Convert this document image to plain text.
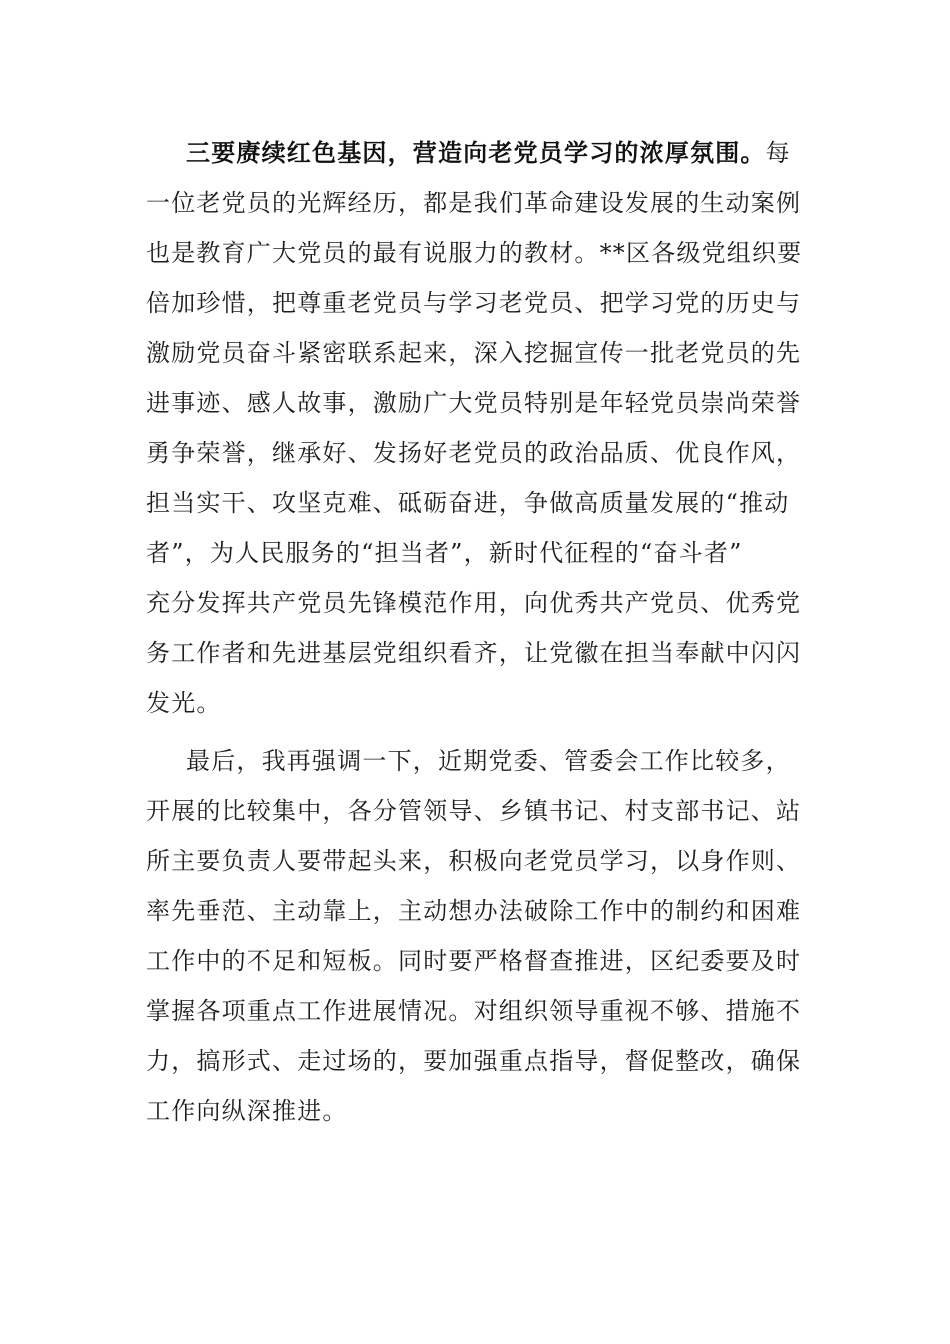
三要赓续红色基因，营造向老党员学习的浓厚氛围。每
一位老党员的光辉经历，都是我们革命建设发展的生动案例
也是教育广大党员的最有说服力的教材。**区各级党组织要
倍加珍惜，把尊重老党员与学习老党员、把学习党的历史与
激励党员奋斗紧密联系起来，深入挖掘宣传一批老党员的先
进事迹、感人故事，激励广大党员特别是年轻党员崇尚荣誉
勇争荣誉，继承好、发扬好老党员的政治品质、优良作风，
担当实干、攻坚克难、砥砺奋进，争做高质量发展的“推动
者”，为人民服务的“担当者”，新时代征程的“奋斗者”
充分发挥共产党员先锋模范作用，向优秀共产党员、优秀党
务工作者和先进基层党组织看齐，让党徽在担当奉献中闪闪
发光。
最后，我再强调一下，近期党委、管委会工作比较多，
开展的比较集中，各分管领导、乡镇书记、村支部书记、站
所主要负责人要带起头来，积极向老党员学习，以身作则、
率先垂范、主动靠上，主动想办法破除工作中的制约和困难
工作中的不足和短板。同时要严格督查推进，区纪委要及时
掌握各项重点工作进展情况。对组织领导重视不够、措施不
力，搞形式、走过场的，要加强重点指导，督促整改，确保
工作向纵深推进。
